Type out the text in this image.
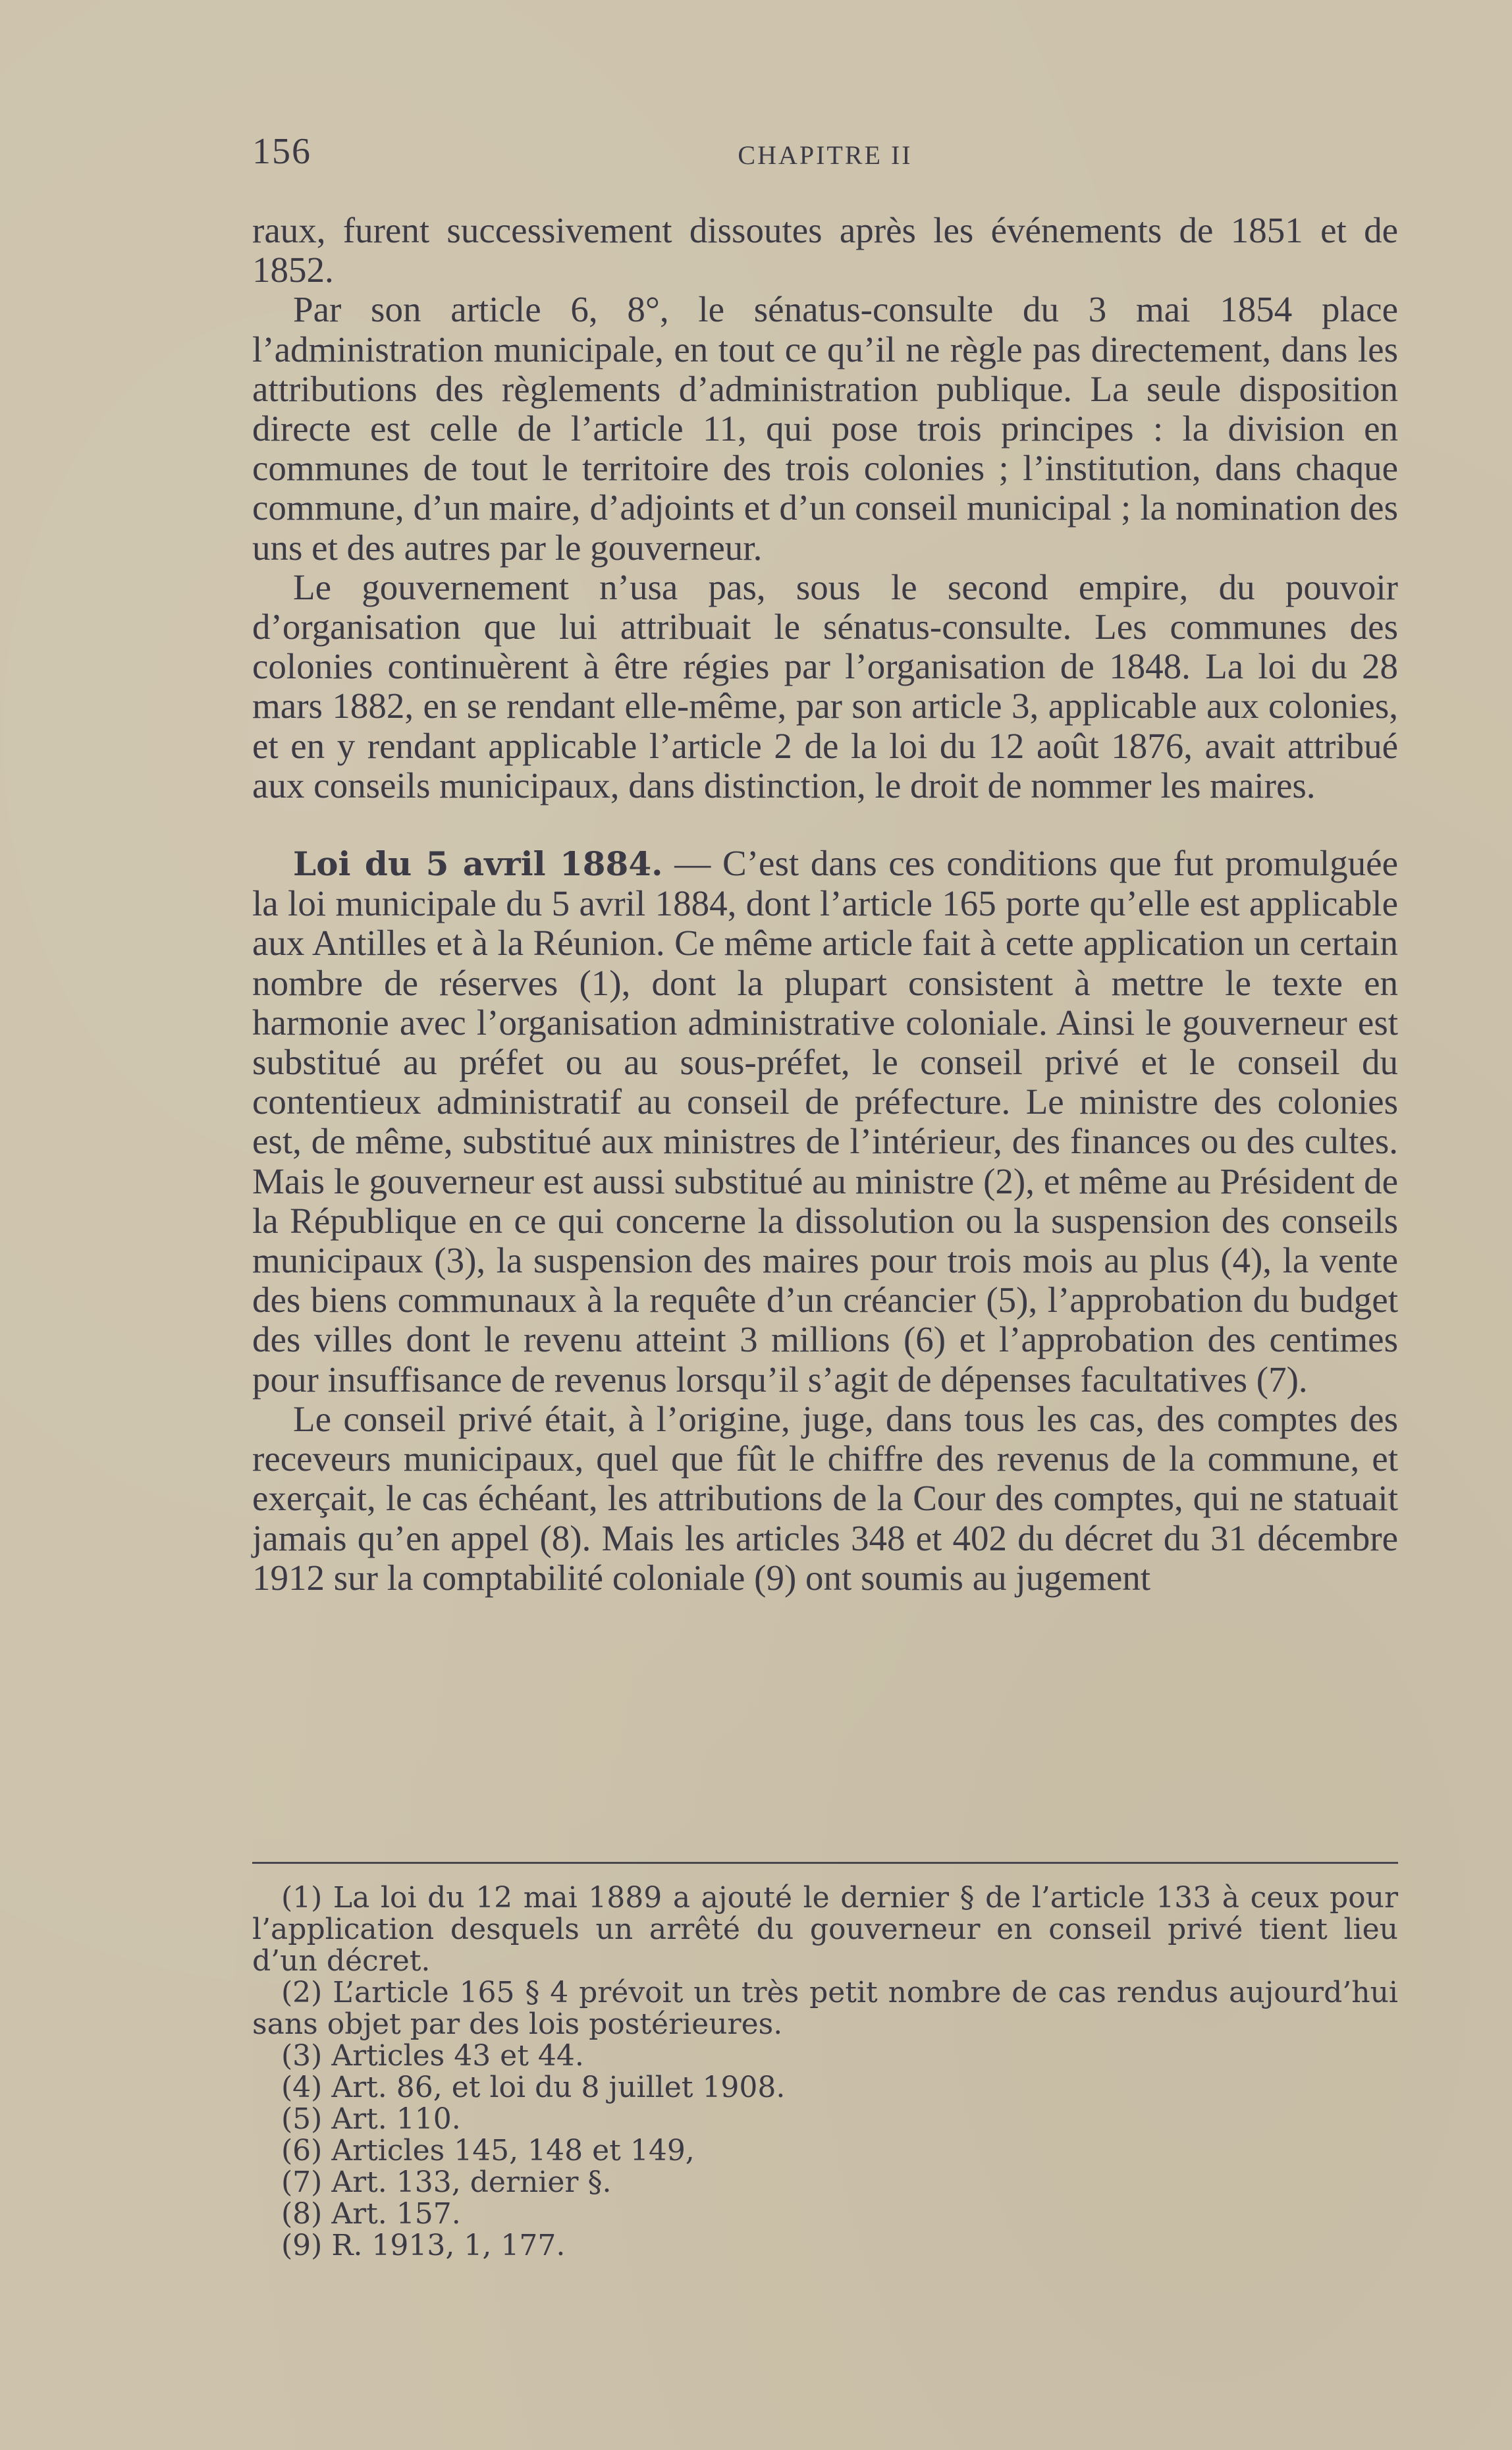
156	CHAPITRE II

raux, furent successivement dissoutes après les événements de 1851 et de 1852.

Par son article 6, 8°, le sénatus-consulte du 3 mai 1854 place l’administration municipale, en tout ce qu’il ne règle pas directement, dans les attributions des règlements d’administration publique. La seule disposition directe est celle de l’article 11, qui pose trois principes : la division en communes de tout le territoire des trois colonies ; l’institution, dans chaque commune, d’un maire, d’adjoints et d’un conseil municipal ; la nomination des uns et des autres par le gouverneur.

Le gouvernement n’usa pas, sous le second empire, du pouvoir d’organisation que lui attribuait le sénatus-consulte. Les communes des colonies continuèrent à être régies par l’organisation de 1848. La loi du 28 mars 1882, en se rendant elle-même, par son article 3, applicable aux colonies, et en y rendant applicable l’article 2 de la loi du 12 août 1876, avait attribué aux conseils municipaux, dans distinction, le droit de nommer les maires.

Loi du 5 avril 1884. — C’est dans ces conditions que fut promulguée la loi municipale du 5 avril 1884, dont l’article 165 porte qu’elle est applicable aux Antilles et à la Réunion. Ce même article fait à cette application un certain nombre de réserves (1), dont la plupart consistent à mettre le texte en harmonie avec l’organisation administrative coloniale. Ainsi le gouverneur est substitué au préfet ou au sous-préfet, le conseil privé et le conseil du contentieux administratif au conseil de préfecture. Le ministre des colonies est, de même, substitué aux ministres de l’intérieur, des finances ou des cultes. Mais le gouverneur est aussi substitué au ministre (2), et même au Président de la République en ce qui concerne la dissolution ou la suspension des conseils municipaux (3), la suspension des maires pour trois mois au plus (4), la vente des biens communaux à la requête d’un créancier (5), l’approbation du budget des villes dont le revenu atteint 3 millions (6) et l’approbation des centimes pour insuffisance de revenus lorsqu’il s’agit de dépenses facultatives (7).

Le conseil privé était, à l’origine, juge, dans tous les cas, des comptes des receveurs municipaux, quel que fût le chiffre des revenus de la commune, et exerçait, le cas échéant, les attributions de la Cour des comptes, qui ne statuait jamais qu’en appel (8). Mais les articles 348 et 402 du décret du 31 décembre 1912 sur la comptabilité coloniale (9) ont soumis au jugement

(1) La loi du 12 mai 1889 a ajouté le dernier § de l’article 133 à ceux pour l’application desquels un arrêté du gouverneur en conseil privé tient lieu d’un décret.

(2) L’article 165 § 4 prévoit un très petit nombre de cas rendus aujourd’hui sans objet par des lois postérieures.

(3) Articles 43 et 44.

(4) Art. 86, et loi du 8 juillet 1908.

(5) Art. 110.

(6) Articles 145, 148 et 149,

(7) Art. 133, dernier §.

(8) Art. 157.

(9) R. 1913, 1, 177.
